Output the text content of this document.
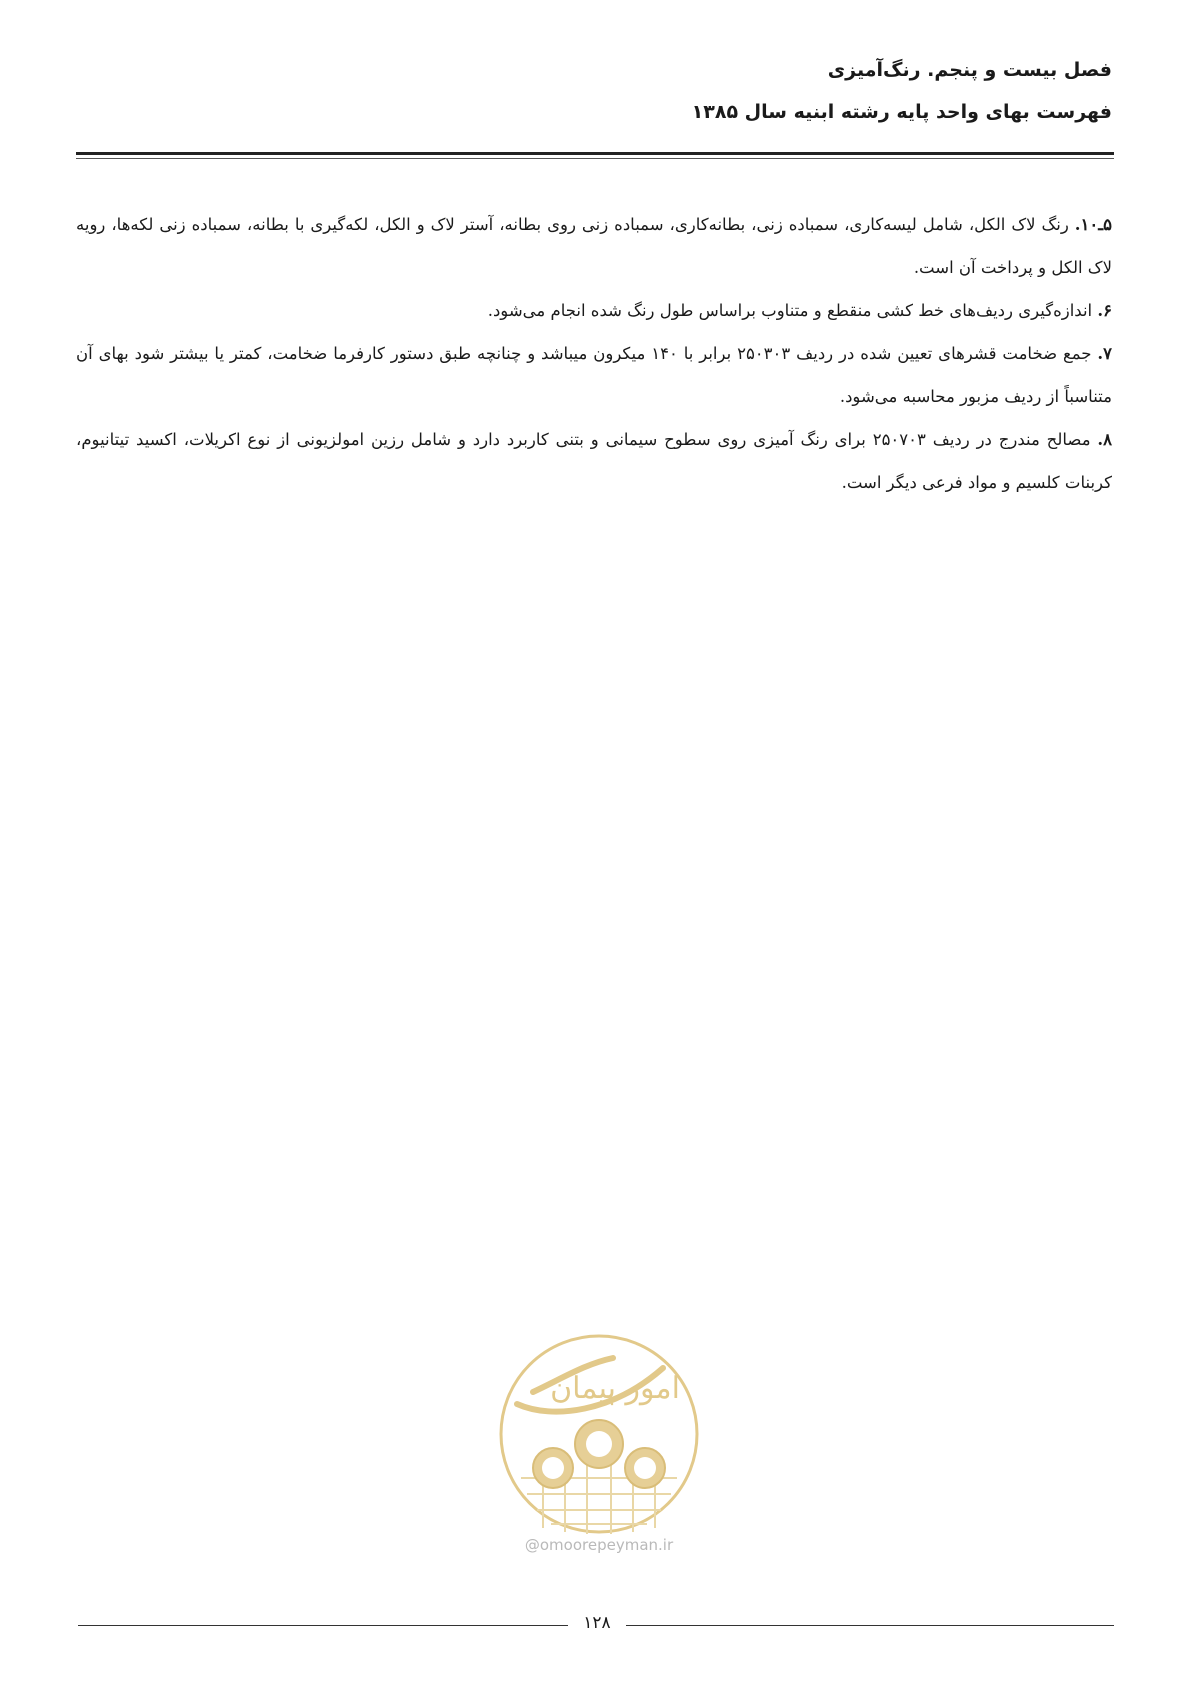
فصل بیست و پنجم. رنگ‌آمیزی
فهرست بهای واحد پایه رشته ابنیه سال ۱۳۸۵

۵ـ۱۰. رنگ لاک الکل، شامل لیسه‌کاری، سمباده زنی، بطانه‌کاری، سمباده زنی روی بطانه، آستر لاک و الکل، لکه‌گیری با بطانه، سمباده زنی لکه‌ها، رویه لاک الکل و پرداخت آن است.

۶. اندازه‌گیری ردیف‌های خط کشی منقطع و متناوب براساس طول رنگ شده انجام می‌شود.

۷. جمع ضخامت قشرهای تعیین شده در ردیف ۲۵۰۳۰۳ برابر با ۱۴۰ میکرون میباشد و چنانچه طبق دستور کارفرما ضخامت، کمتر یا بیشتر شود بهای آن متناسباً از ردیف مزبور محاسبه می‌شود.

۸. مصالح مندرج در ردیف ۲۵۰۷۰۳ برای رنگ آمیزی روی سطوح سیمانی و بتنی کاربرد دارد و شامل رزین امولزیونی از نوع اکریلات، اکسید تیتانیوم، کربنات کلسیم و مواد فرعی دیگر است.

امور پیمان
@omoorepeyman.ir
۱۲۸
